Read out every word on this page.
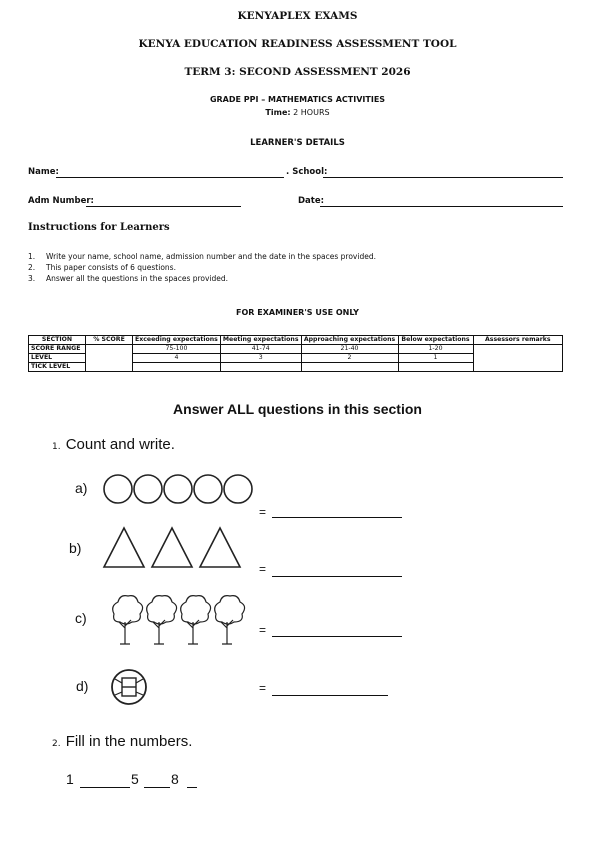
KENYAPLEX EXAMS
KENYA EDUCATION READINESS ASSESSMENT TOOL
TERM 3: SECOND ASSESSMENT 2026
GRADE PPI – MATHEMATICS ACTIVITIES
Time: 2 HOURS
LEARNER'S DETAILS
Name:	. School:
Adm Number:	Date:
Instructions for Learners
1. Write your name, school name, admission number and the date in the spaces provided.
2. This paper consists of 6 questions.
3. Answer all the questions in the spaces provided.
FOR EXAMINER'S USE ONLY
SECTION	% SCORE	Exceeding expectations	Meeting expectations	Approaching expectations	Below expectations	Assessors remarks
SCORE RANGE		75-100	41-74	21-40	1-20	
LEVEL		4	3	2	1	
TICK LEVEL						
Answer ALL questions in this section
1. Count and write.
a)
=
b)
=
c)
=
d)	=
2. Fill in the numbers.
1	5 8
